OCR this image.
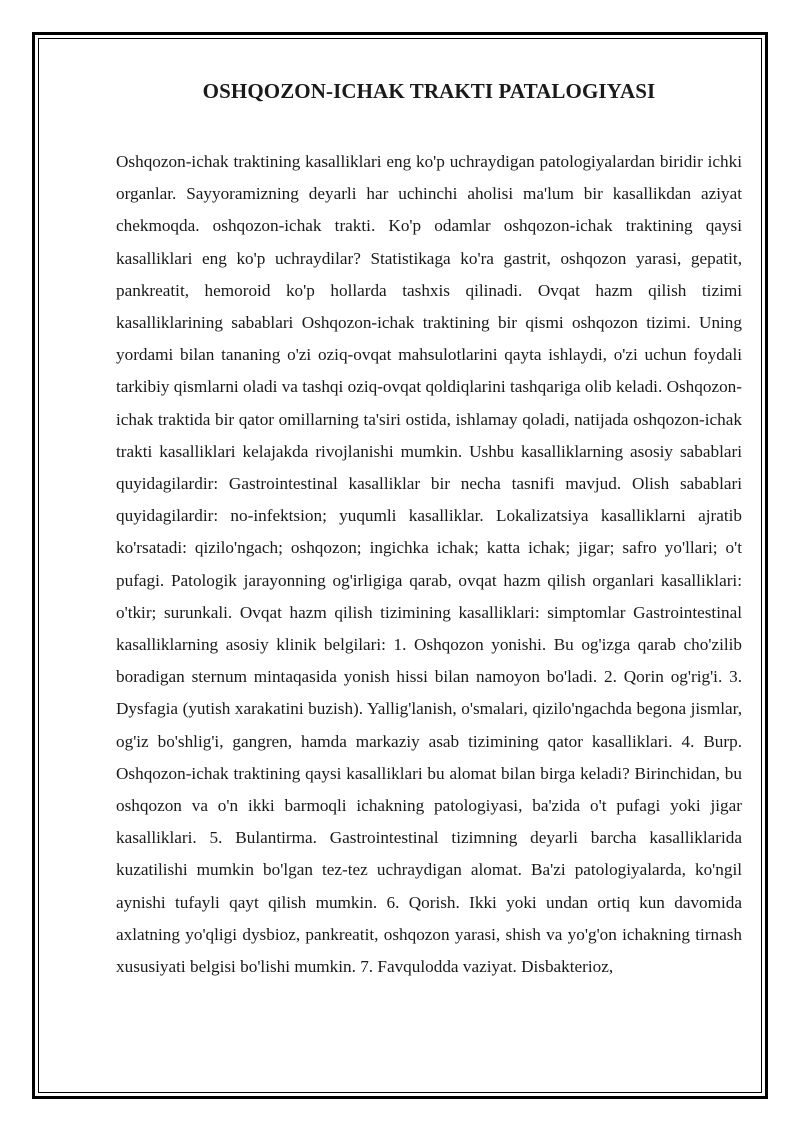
OSHQOZON-ICHAK TRAKTI PATALOGIYASI

Oshqozon-ichak traktining kasalliklari eng ko'p uchraydigan patologiyalardan biridir ichki organlar. Sayyoramizning deyarli har uchinchi aholisi ma'lum bir kasallikdan aziyat chekmoqda. oshqozon-ichak trakti. Ko'p odamlar oshqozon-ichak traktining qaysi kasalliklari eng ko'p uchraydilar? Statistikaga ko'ra gastrit, oshqozon yarasi, gepatit, pankreatit, hemoroid ko'p hollarda tashxis qilinadi. Ovqat hazm qilish tizimi kasalliklarining sabablari Oshqozon-ichak traktining bir qismi oshqozon tizimi. Uning yordami bilan tananing o'zi oziq-ovqat mahsulotlarini qayta ishlaydi, o'zi uchun foydali tarkibiy qismlarni oladi va tashqi oziq-ovqat qoldiqlarini tashqariga olib keladi. Oshqozon-ichak traktida bir qator omillarning ta'siri ostida, ishlamay qoladi, natijada oshqozon-ichak trakti kasalliklari kelajakda rivojlanishi mumkin. Ushbu kasalliklarning asosiy sabablari quyidagilardir: Gastrointestinal kasalliklar bir necha tasnifi mavjud. Olish sabablari quyidagilardir: no-infektsion; yuqumli kasalliklar. Lokalizatsiya kasalliklarni ajratib ko'rsatadi: qizilo'ngach; oshqozon; ingichka ichak; katta ichak; jigar; safro yo'llari; o't pufagi. Patologik jarayonning og'irligiga qarab, ovqat hazm qilish organlari kasalliklari: o'tkir; surunkali. Ovqat hazm qilish tizimining kasalliklari: simptomlar Gastrointestinal kasalliklarning asosiy klinik belgilari: 1. Oshqozon yonishi. Bu og'izga qarab cho'zilib boradigan sternum mintaqasida yonish hissi bilan namoyon bo'ladi. 2. Qorin og'rig'i. 3. Dysfagia (yutish xarakatini buzish). Yallig'lanish, o'smalari, qizilo'ngachda begona jismlar, og'iz bo'shlig'i, gangren, hamda markaziy asab tizimining qator kasalliklari. 4. Burp. Oshqozon-ichak traktining qaysi kasalliklari bu alomat bilan birga keladi? Birinchidan, bu oshqozon va o'n ikki barmoqli ichakning patologiyasi, ba'zida o't pufagi yoki jigar kasalliklari. 5. Bulantirma. Gastrointestinal tizimning deyarli barcha kasalliklarida kuzatilishi mumkin bo'lgan tez-tez uchraydigan alomat. Ba'zi patologiyalarda, ko'ngil aynishi tufayli qayt qilish mumkin. 6. Qorish. Ikki yoki undan ortiq kun davomida axlatning yo'qligi dysbioz, pankreatit, oshqozon yarasi, shish va yo'g'on ichakning tirnash xususiyati belgisi bo'lishi mumkin. 7. Favqulodda vaziyat. Disbakterioz,
